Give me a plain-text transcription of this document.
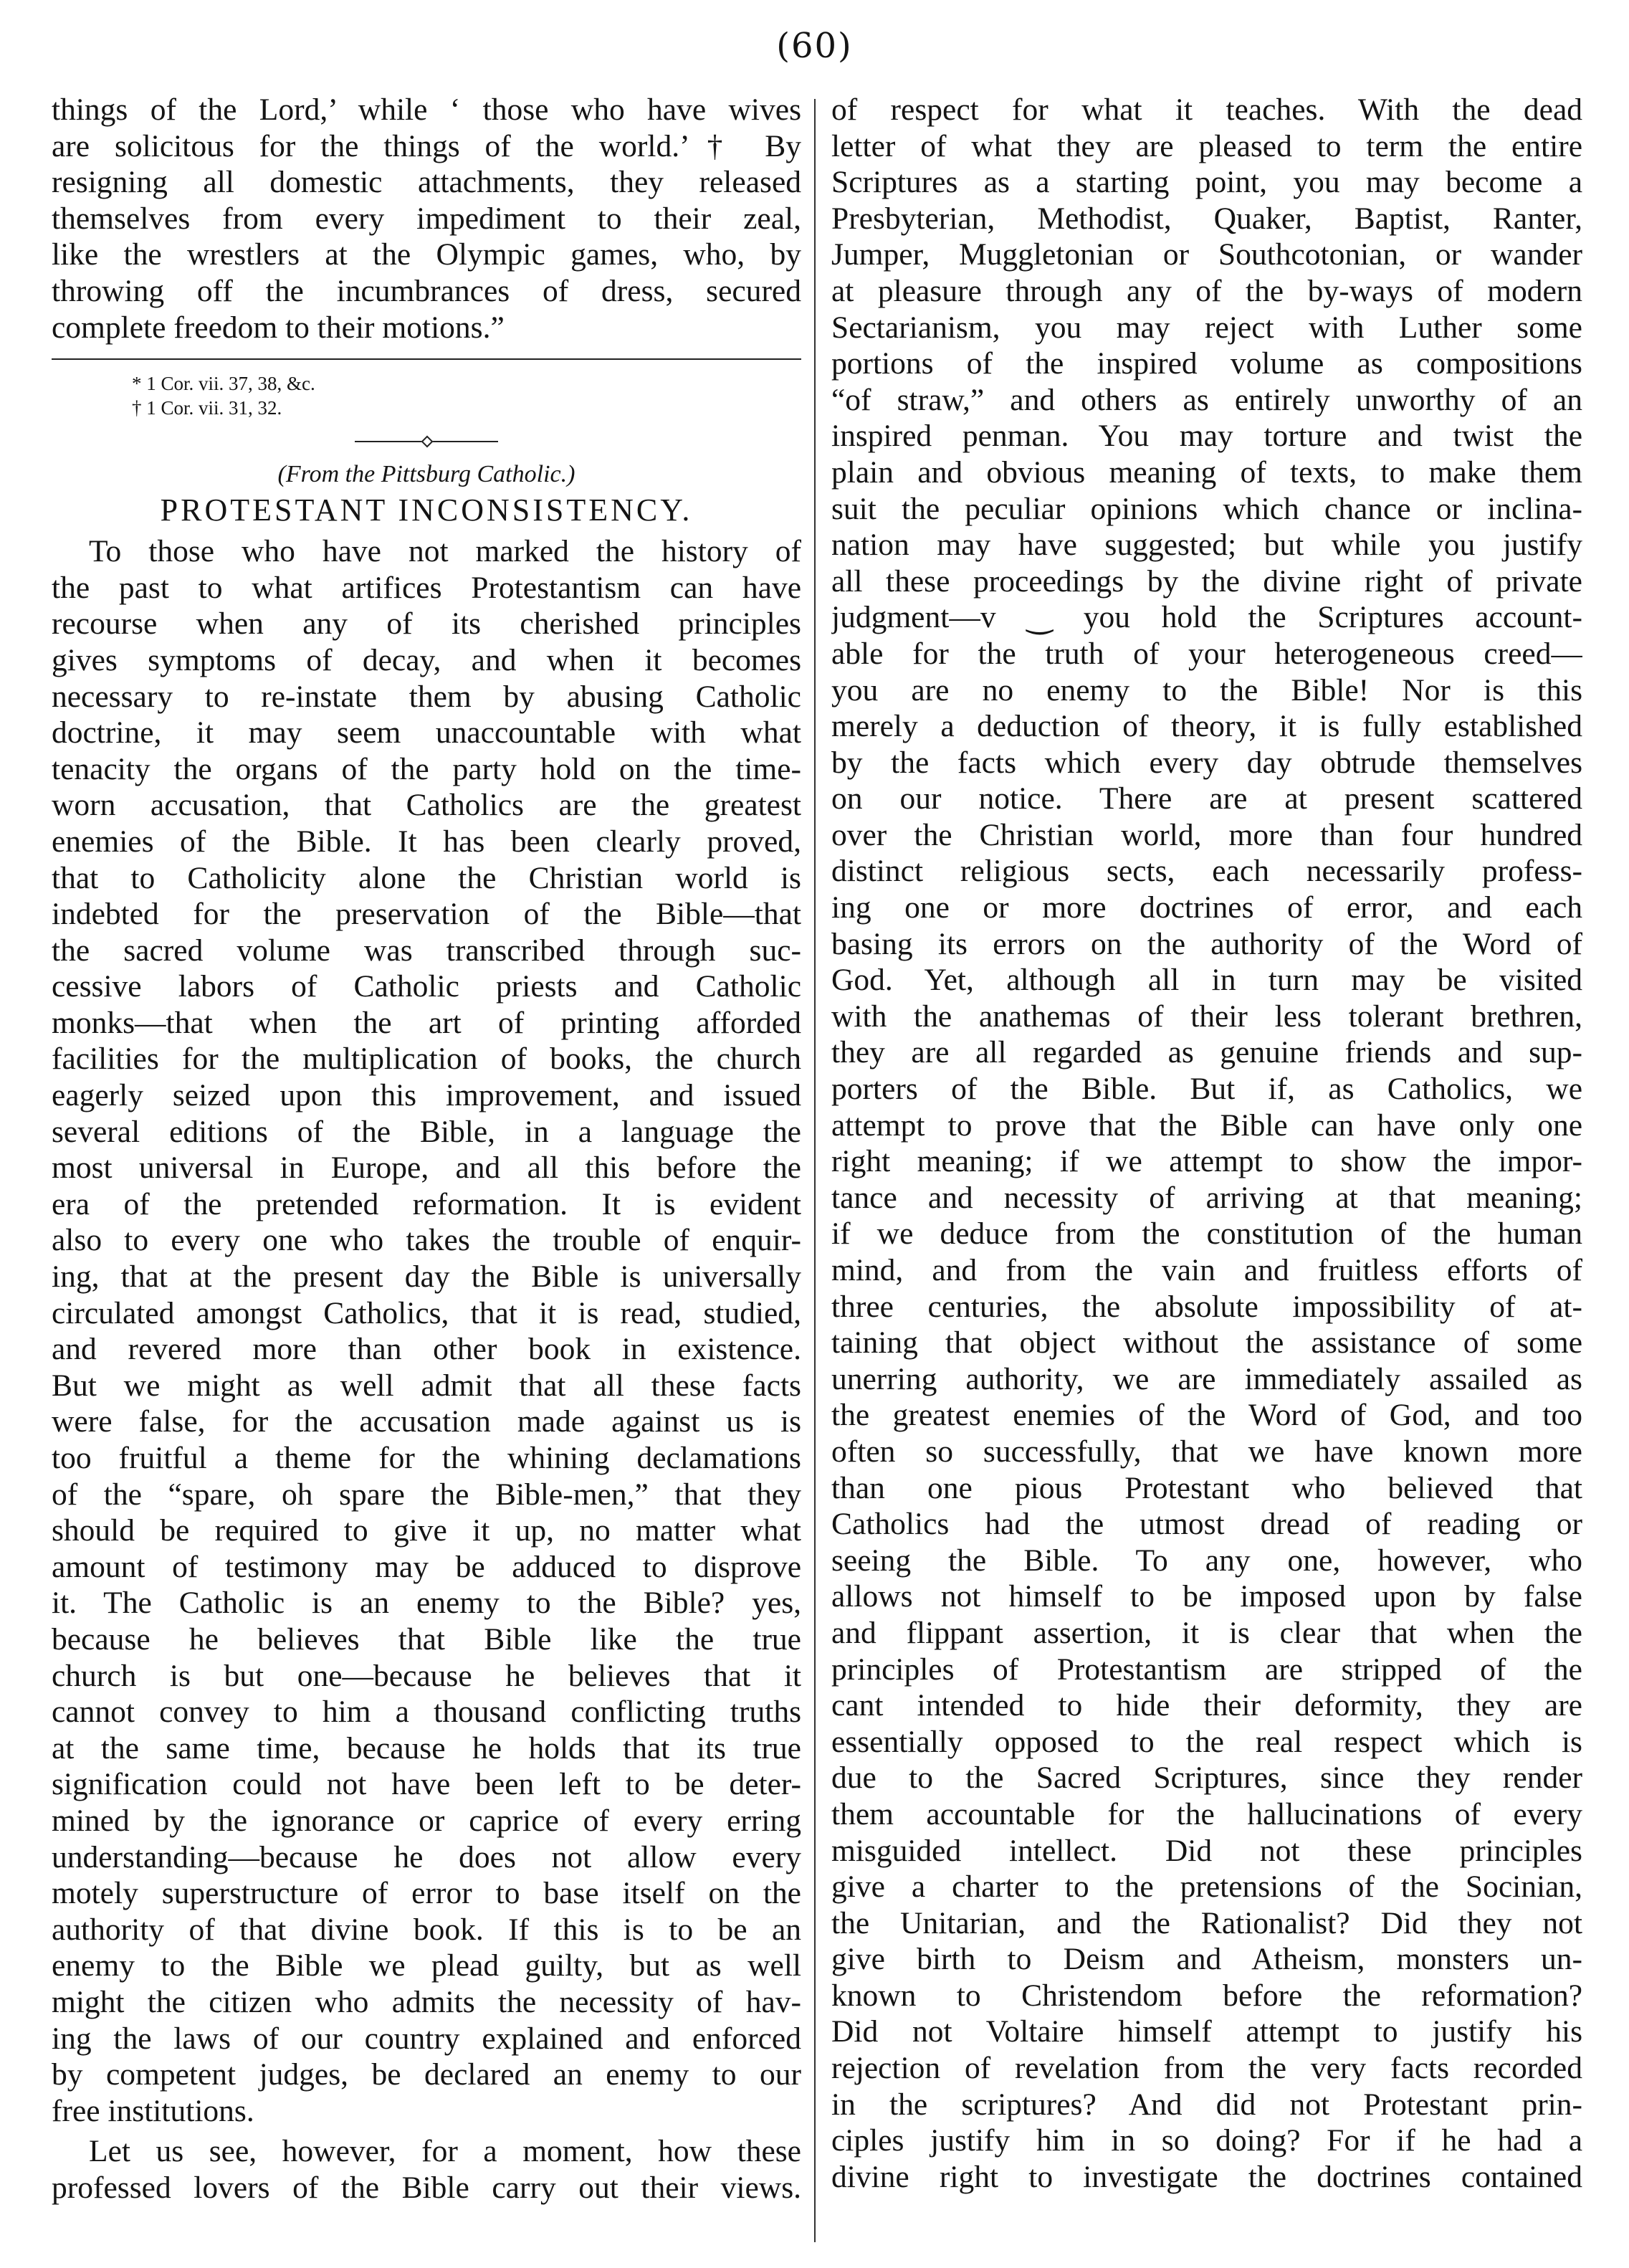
(60)
things of the Lord,’ while ‘ those who have wives
are solicitous for the things of the world.’† By
resigning all domestic attachments, they released
themselves from every impediment to their zeal,
like the wrestlers at the Olympic games, who, by
throwing off the incumbrances of dress, secured
complete freedom to their motions.”
* 1 Cor. vii. 37, 38, &c.
† 1 Cor. vii. 31, 32.
(From the Pittsburg Catholic.)
PROTESTANT INCONSISTENCY.
To those who have not marked the history of
the past to what artifices Protestantism can have
recourse when any of its cherished principles
gives symptoms of decay, and when it becomes
necessary to re-instate them by abusing Catholic
doctrine, it may seem unaccountable with what
tenacity the organs of the party hold on the time-
worn accusation, that Catholics are the greatest
enemies of the Bible. It has been clearly proved,
that to Catholicity alone the Christian world is
indebted for the preservation of the Bible—that
the sacred volume was transcribed through suc-
cessive labors of Catholic priests and Catholic
monks—that when the art of printing afforded
facilities for the multiplication of books, the church
eagerly seized upon this improvement, and issued
several editions of the Bible, in a language the
most universal in Europe, and all this before the
era of the pretended reformation. It is evident
also to every one who takes the trouble of enquir-
ing, that at the present day the Bible is universally
circulated amongst Catholics, that it is read, studied,
and revered more than other book in existence.
But we might as well admit that all these facts
were false, for the accusation made against us is
too fruitful a theme for the whining declamations
of the “spare, oh spare the Bible-men,” that they
should be required to give it up, no matter what
amount of testimony may be adduced to disprove
it. The Catholic is an enemy to the Bible? yes,
because he believes that Bible like the true
church is but one—because he believes that it
cannot convey to him a thousand conflicting truths
at the same time, because he holds that its true
signification could not have been left to be deter-
mined by the ignorance or caprice of every erring
understanding—because he does not allow every
motely superstructure of error to base itself on the
authority of that divine book. If this is to be an
enemy to the Bible we plead guilty, but as well
might the citizen who admits the necessity of hav-
ing the laws of our country explained and enforced
by competent judges, be declared an enemy to our
free institutions.
Let us see, however, for a moment, how these
professed lovers of the Bible carry out their views.
of respect for what it teaches. With the dead
letter of what they are pleased to term the entire
Scriptures as a starting point, you may become a
Presbyterian, Methodist, Quaker, Baptist, Ranter,
Jumper, Muggletonian or Southcotonian, or wander
at pleasure through any of the by-ways of modern
Sectarianism, you may reject with Luther some
portions of the inspired volume as compositions
“of straw,” and others as entirely unworthy of an
inspired penman. You may torture and twist the
plain and obvious meaning of texts, to make them
suit the peculiar opinions which chance or inclina-
nation may have suggested; but while you justify
all these proceedings by the divine right of private
judgment—v ‿ you hold the Scriptures account-
able for the truth of your heterogeneous creed—
you are no enemy to the Bible! Nor is this
merely a deduction of theory, it is fully established
by the facts which every day obtrude themselves
on our notice. There are at present scattered
over the Christian world, more than four hundred
distinct religious sects, each necessarily profess-
ing one or more doctrines of error, and each
basing its errors on the authority of the Word of
God. Yet, although all in turn may be visited
with the anathemas of their less tolerant brethren,
they are all regarded as genuine friends and sup-
porters of the Bible. But if, as Catholics, we
attempt to prove that the Bible can have only one
right meaning; if we attempt to show the impor-
tance and necessity of arriving at that meaning;
if we deduce from the constitution of the human
mind, and from the vain and fruitless efforts of
three centuries, the absolute impossibility of at-
taining that object without the assistance of some
unerring authority, we are immediately assailed as
the greatest enemies of the Word of God, and too
often so successfully, that we have known more
than one pious Protestant who believed that
Catholics had the utmost dread of reading or
seeing the Bible. To any one, however, who
allows not himself to be imposed upon by false
and flippant assertion, it is clear that when the
principles of Protestantism are stripped of the
cant intended to hide their deformity, they are
essentially opposed to the real respect which is
due to the Sacred Scriptures, since they render
them accountable for the hallucinations of every
misguided intellect. Did not these principles
give a charter to the pretensions of the Socinian,
the Unitarian, and the Rationalist? Did they not
give birth to Deism and Atheism, monsters un-
known to Christendom before the reformation?
Did not Voltaire himself attempt to justify his
rejection of revelation from the very facts recorded
in the scriptures? And did not Protestant prin-
ciples justify him in so doing? For if he had a
divine right to investigate the doctrines contained
